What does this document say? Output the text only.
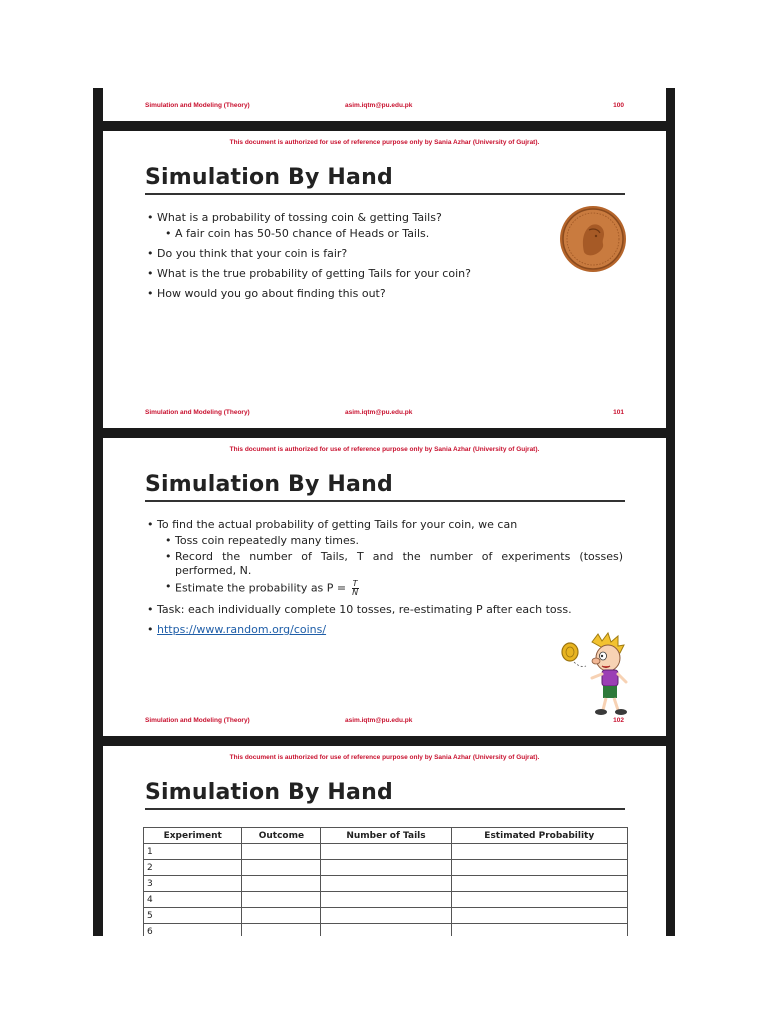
Simulation and Modeling (Theory)	asim.iqtm@pu.edu.pk	100
This document is authorized for use of reference purpose only by Sania Azhar (University of Gujrat).
Simulation By Hand
• What is a probability of tossing coin & getting Tails?
• A fair coin has 50-50 chance of Heads or Tails.
• Do you think that your coin is fair?
• What is the true probability of getting Tails for your coin?
• How would you go about finding this out?
Simulation and Modeling (Theory)	asim.iqtm@pu.edu.pk	101
This document is authorized for use of reference purpose only by Sania Azhar (University of Gujrat).
Simulation By Hand
• To find the actual probability of getting Tails for your coin, we can
• Toss coin repeatedly many times.
• Record the number of Tails, T and the number of experiments (tosses) performed, N.
• Estimate the probability as $P = \frac{T}{N}$
• Task: each individually complete 10 tosses, re-estimating P after each toss.
• https://www.random.org/coins/
Simulation and Modeling (Theory)	asim.iqtm@pu.edu.pk	102
This document is authorized for use of reference purpose only by Sania Azhar (University of Gujrat).
Simulation By Hand
Experiment	Outcome	Number of Tails	Estimated Probability
1			
2			
3			
4			
5			
6			
